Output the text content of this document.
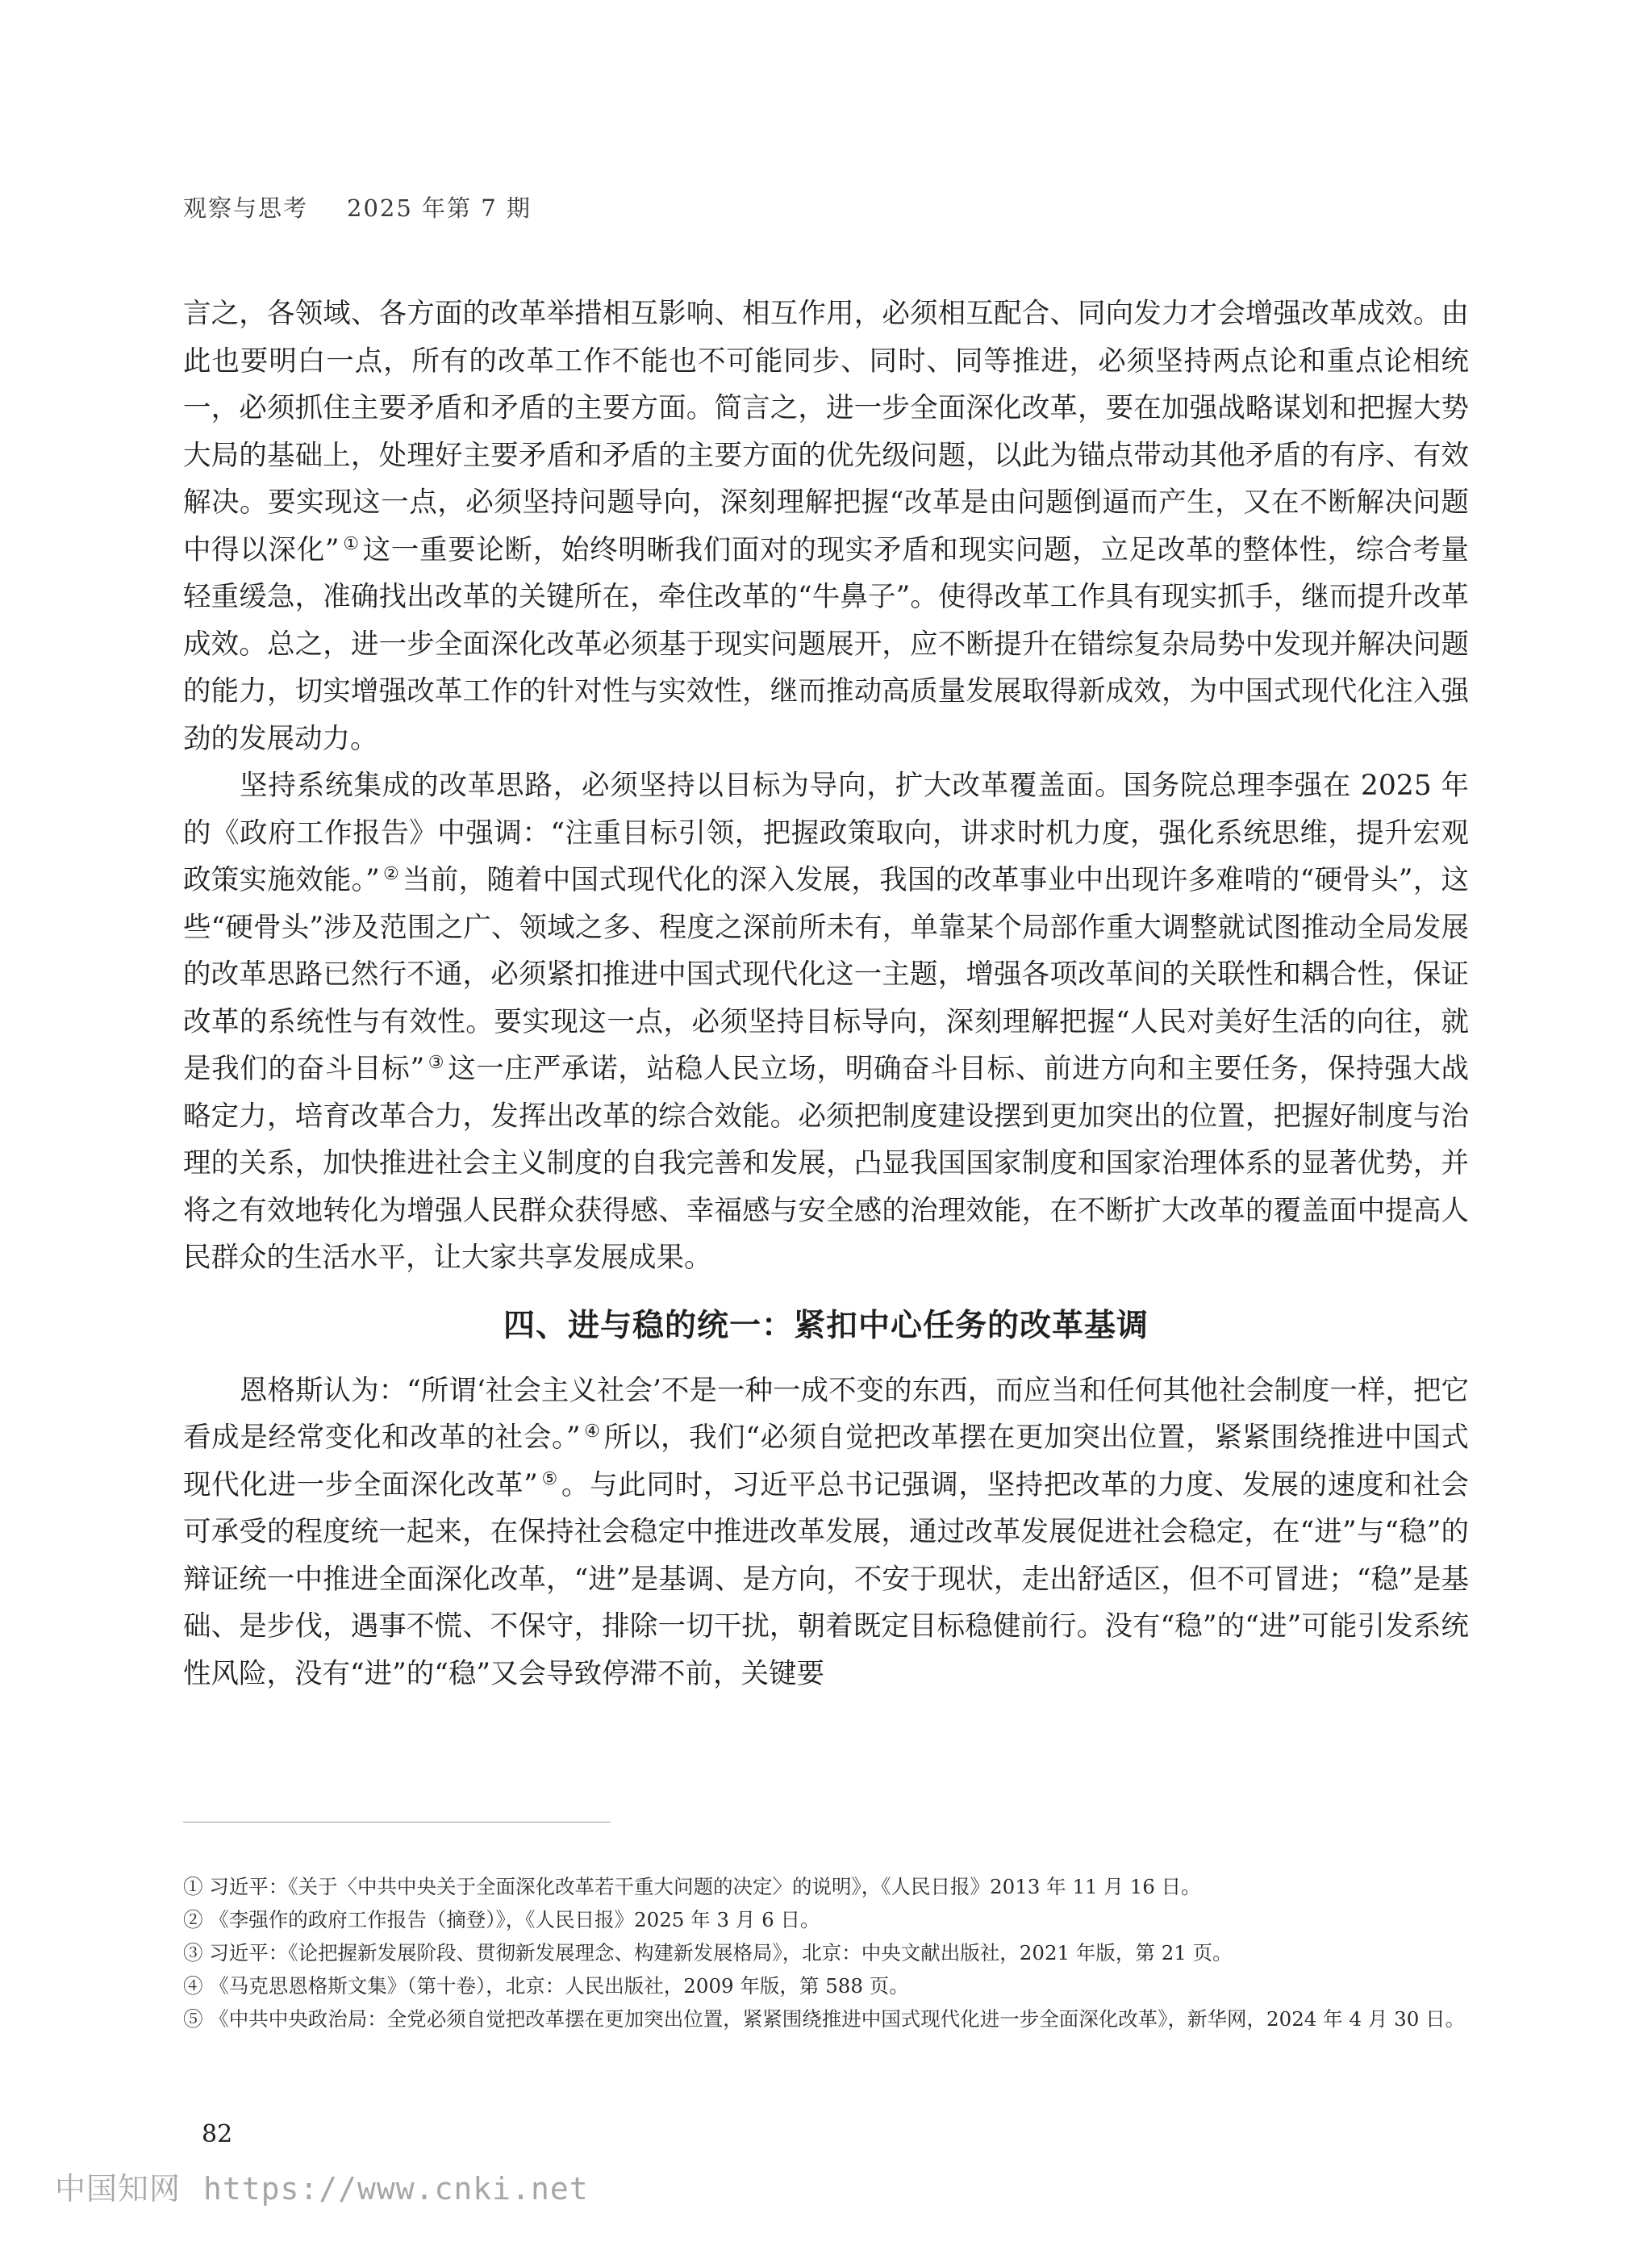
观察与思考 2025 年第 7 期

言之，各领域、各方面的改革举措相互影响、相互作用，必须相互配合、同向发力才会增强改革成效。由此也要明白一点，所有的改革工作不能也不可能同步、同时、同等推进，必须坚持两点论和重点论相统一，必须抓住主要矛盾和矛盾的主要方面。简言之，进一步全面深化改革，要在加强战略谋划和把握大势大局的基础上，处理好主要矛盾和矛盾的主要方面的优先级问题，以此为锚点带动其他矛盾的有序、有效解决。要实现这一点，必须坚持问题导向，深刻理解把握“改革是由问题倒逼而产生，又在不断解决问题中得以深化” ① 这一重要论断，始终明晰我们面对的现实矛盾和现实问题，立足改革的整体性，综合考量轻重缓急，准确找出改革的关键所在，牵住改革的“牛鼻子”。使得改革工作具有现实抓手，继而提升改革成效。总之，进一步全面深化改革必须基于现实问题展开，应不断提升在错综复杂局势中发现并解决问题的能力，切实增强改革工作的针对性与实效性，继而推动高质量发展取得新成效，为中国式现代化注入强劲的发展动力。

坚持系统集成的改革思路，必须坚持以目标为导向，扩大改革覆盖面。国务院总理李强在 2025 年的《政府工作报告》中强调：“注重目标引领，把握政策取向，讲求时机力度，强化系统思维，提升宏观政策实施效能。” ② 当前，随着中国式现代化的深入发展，我国的改革事业中出现许多难啃的“硬骨头”，这些“硬骨头”涉及范围之广、领域之多、程度之深前所未有，单靠某个局部作重大调整就试图推动全局发展的改革思路已然行不通，必须紧扣推进中国式现代化这一主题，增强各项改革间的关联性和耦合性，保证改革的系统性与有效性。要实现这一点，必须坚持目标导向，深刻理解把握“人民对美好生活的向往，就是我们的奋斗目标” ③ 这一庄严承诺，站稳人民立场，明确奋斗目标、前进方向和主要任务，保持强大战略定力，培育改革合力，发挥出改革的综合效能。必须把制度建设摆到更加突出的位置，把握好制度与治理的关系，加快推进社会主义制度的自我完善和发展，凸显我国国家制度和国家治理体系的显著优势，并将之有效地转化为增强人民群众获得感、幸福感与安全感的治理效能，在不断扩大改革的覆盖面中提高人民群众的生活水平，让大家共享发展成果。

四、进与稳的统一：紧扣中心任务的改革基调

恩格斯认为：“所谓‘社会主义社会’不是一种一成不变的东西，而应当和任何其他社会制度一样，把它看成是经常变化和改革的社会。” ④ 所以，我们“必须自觉把改革摆在更加突出位置，紧紧围绕推进中国式现代化进一步全面深化改革” ⑤ 。与此同时，习近平总书记强调，坚持把改革的力度、发展的速度和社会可承受的程度统一起来，在保持社会稳定中推进改革发展，通过改革发展促进社会稳定，在“进”与“稳”的辩证统一中推进全面深化改革，“进”是基调、是方向，不安于现状，走出舒适区，但不可冒进；“稳”是基础、是步伐，遇事不慌、不保守，排除一切干扰，朝着既定目标稳健前行。没有“稳”的“进”可能引发系统性风险，没有“进”的“稳”又会导致停滞不前，关键要

① 习近平：《关于〈中共中央关于全面深化改革若干重大问题的决定〉的说明》，《人民日报》2013 年 11 月 16 日。
② 《李强作的政府工作报告（摘登）》，《人民日报》2025 年 3 月 6 日。
③ 习近平：《论把握新发展阶段、贯彻新发展理念、构建新发展格局》，北京：中央文献出版社，2021 年版，第 21 页。
④ 《马克思恩格斯文集》（第十卷），北京：人民出版社，2009 年版，第 588 页。
⑤ 《中共中央政治局：全党必须自觉把改革摆在更加突出位置，紧紧围绕推进中国式现代化进一步全面深化改革》，新华网，2024 年 4 月 30 日。
82
中国知网 https://www.cnki.net
